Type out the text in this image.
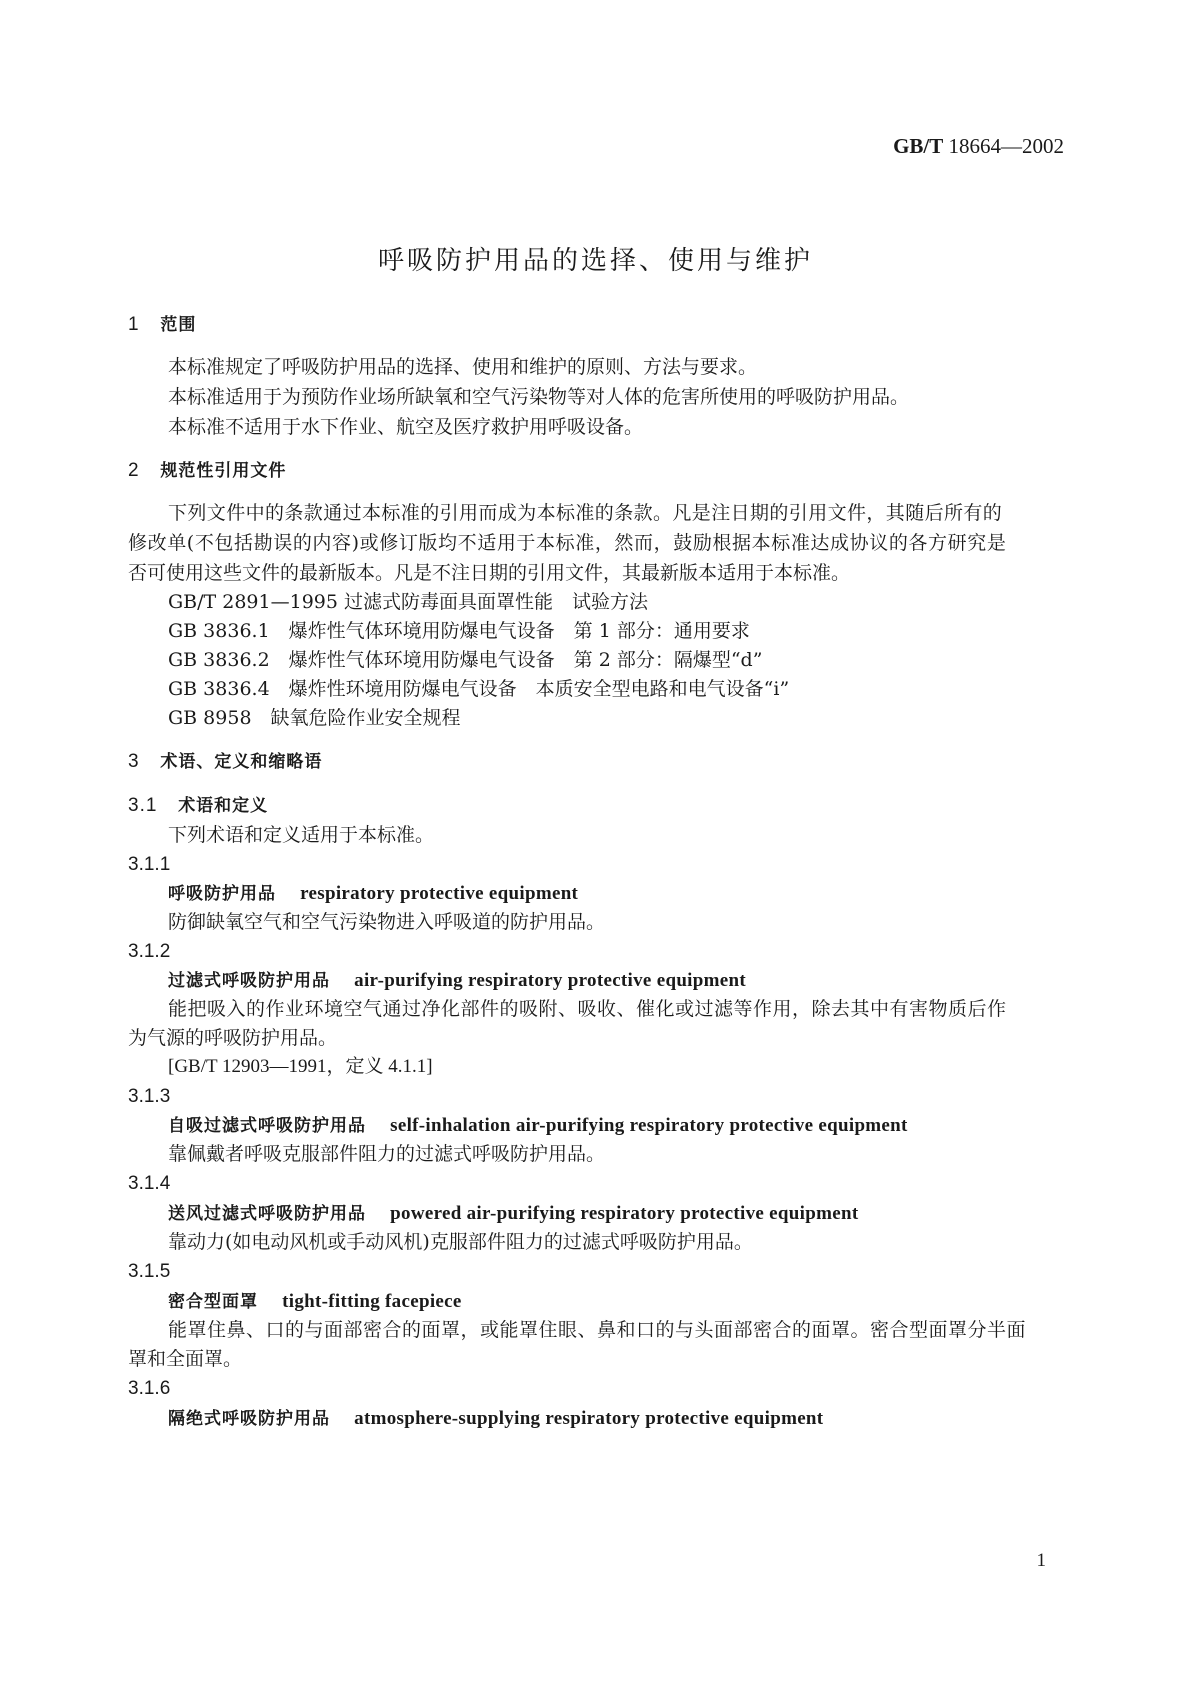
GB/T 18664—2002
呼吸防护用品的选择、使用与维护
1 范围
本标准规定了呼吸防护用品的选择、使用和维护的原则、方法与要求。
本标准适用于为预防作业场所缺氧和空气污染物等对人体的危害所使用的呼吸防护用品。
本标准不适用于水下作业、航空及医疗救护用呼吸设备。
2 规范性引用文件
下列文件中的条款通过本标准的引用而成为本标准的条款。凡是注日期的引用文件，其随后所有的
修改单(不包括勘误的内容)或修订版均不适用于本标准，然而，鼓励根据本标准达成协议的各方研究是
否可使用这些文件的最新版本。凡是不注日期的引用文件，其最新版本适用于本标准。
GB/T 2891—1995 过滤式防毒面具面罩性能　试验方法
GB 3836.1　爆炸性气体环境用防爆电气设备　第 1 部分：通用要求
GB 3836.2　爆炸性气体环境用防爆电气设备　第 2 部分：隔爆型“d”
GB 3836.4　爆炸性环境用防爆电气设备　本质安全型电路和电气设备“i”
GB 8958　缺氧危险作业安全规程
3 术语、定义和缩略语
3.1 术语和定义
下列术语和定义适用于本标准。
3.1.1
呼吸防护用品 respiratory protective equipment
防御缺氧空气和空气污染物进入呼吸道的防护用品。
3.1.2
过滤式呼吸防护用品 air-purifying respiratory protective equipment
能把吸入的作业环境空气通过净化部件的吸附、吸收、催化或过滤等作用，除去其中有害物质后作
为气源的呼吸防护用品。
[GB/T 12903—1991，定义 4.1.1]
3.1.3
自吸过滤式呼吸防护用品 self-inhalation air-purifying respiratory protective equipment
靠佩戴者呼吸克服部件阻力的过滤式呼吸防护用品。
3.1.4
送风过滤式呼吸防护用品 powered air-purifying respiratory protective equipment
靠动力(如电动风机或手动风机)克服部件阻力的过滤式呼吸防护用品。
3.1.5
密合型面罩 tight-fitting facepiece
能罩住鼻、口的与面部密合的面罩，或能罩住眼、鼻和口的与头面部密合的面罩。密合型面罩分半面
罩和全面罩。
3.1.6
隔绝式呼吸防护用品 atmosphere-supplying respiratory protective equipment
1
